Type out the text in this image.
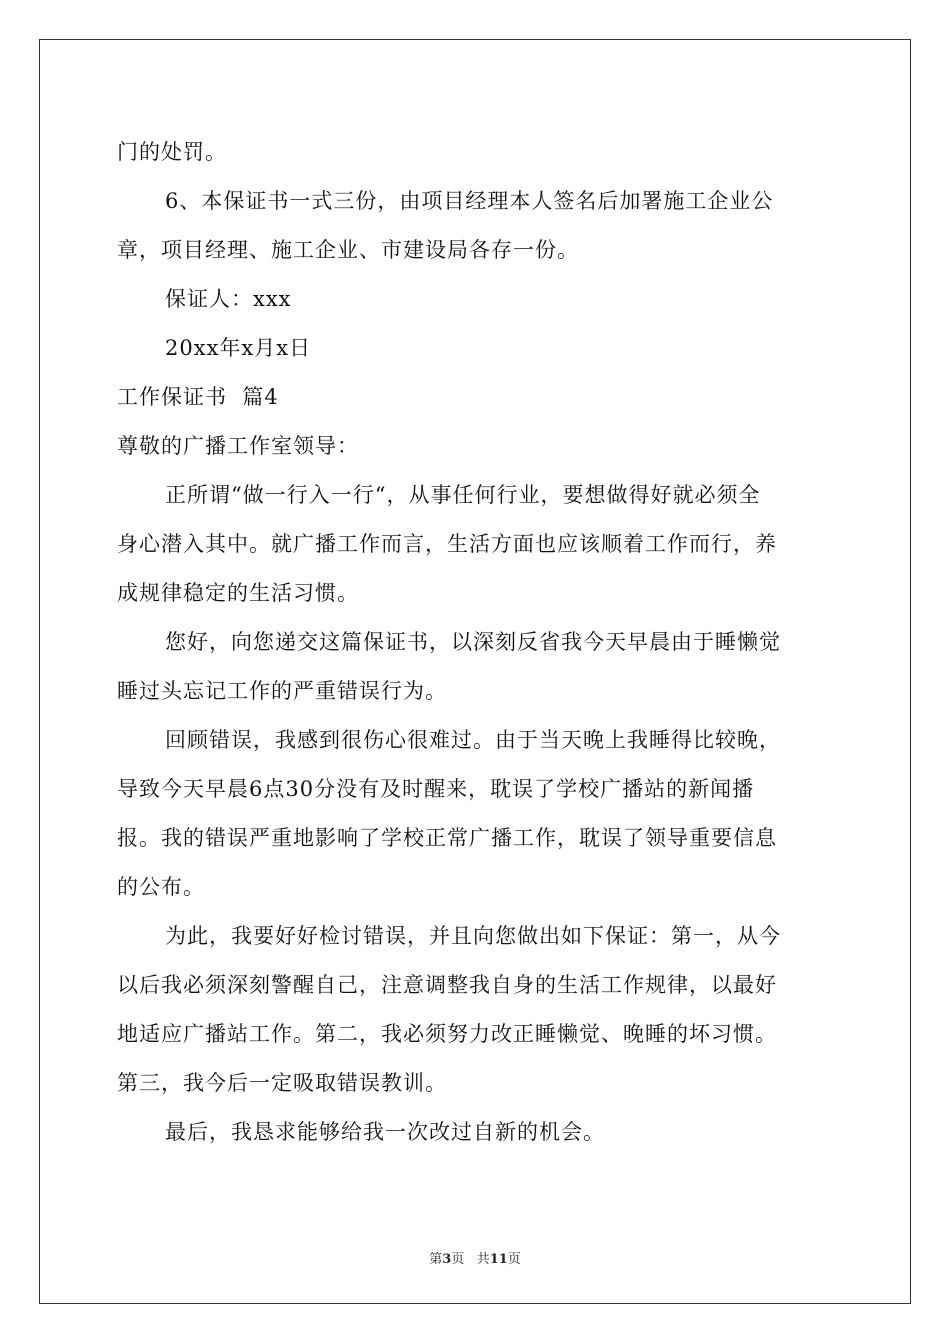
门的处罚。
6、本保证书一式三份，由项目经理本人签名后加署施工企业公
章，项目经理、施工企业、市建设局各存一份。
保证人：xxx
20xx年x月x日
工作保证书  篇4
尊敬的广播工作室领导：
正所谓“做一行入一行“，从事任何行业，要想做得好就必须全
身心潜入其中。就广播工作而言，生活方面也应该顺着工作而行，养
成规律稳定的生活习惯。
您好，向您递交这篇保证书，以深刻反省我今天早晨由于睡懒觉
睡过头忘记工作的严重错误行为。
回顾错误，我感到很伤心很难过。由于当天晚上我睡得比较晚，
导致今天早晨6点30分没有及时醒来，耽误了学校广播站的新闻播
报。我的错误严重地影响了学校正常广播工作，耽误了领导重要信息
的公布。
为此，我要好好检讨错误，并且向您做出如下保证：第一，从今
以后我必须深刻警醒自己，注意调整我自身的生活工作规律，以最好
地适应广播站工作。第二，我必须努力改正睡懒觉、晚睡的坏习惯。
第三，我今后一定吸取错误教训。
最后，我恳求能够给我一次改过自新的机会。
第3页 共11页
